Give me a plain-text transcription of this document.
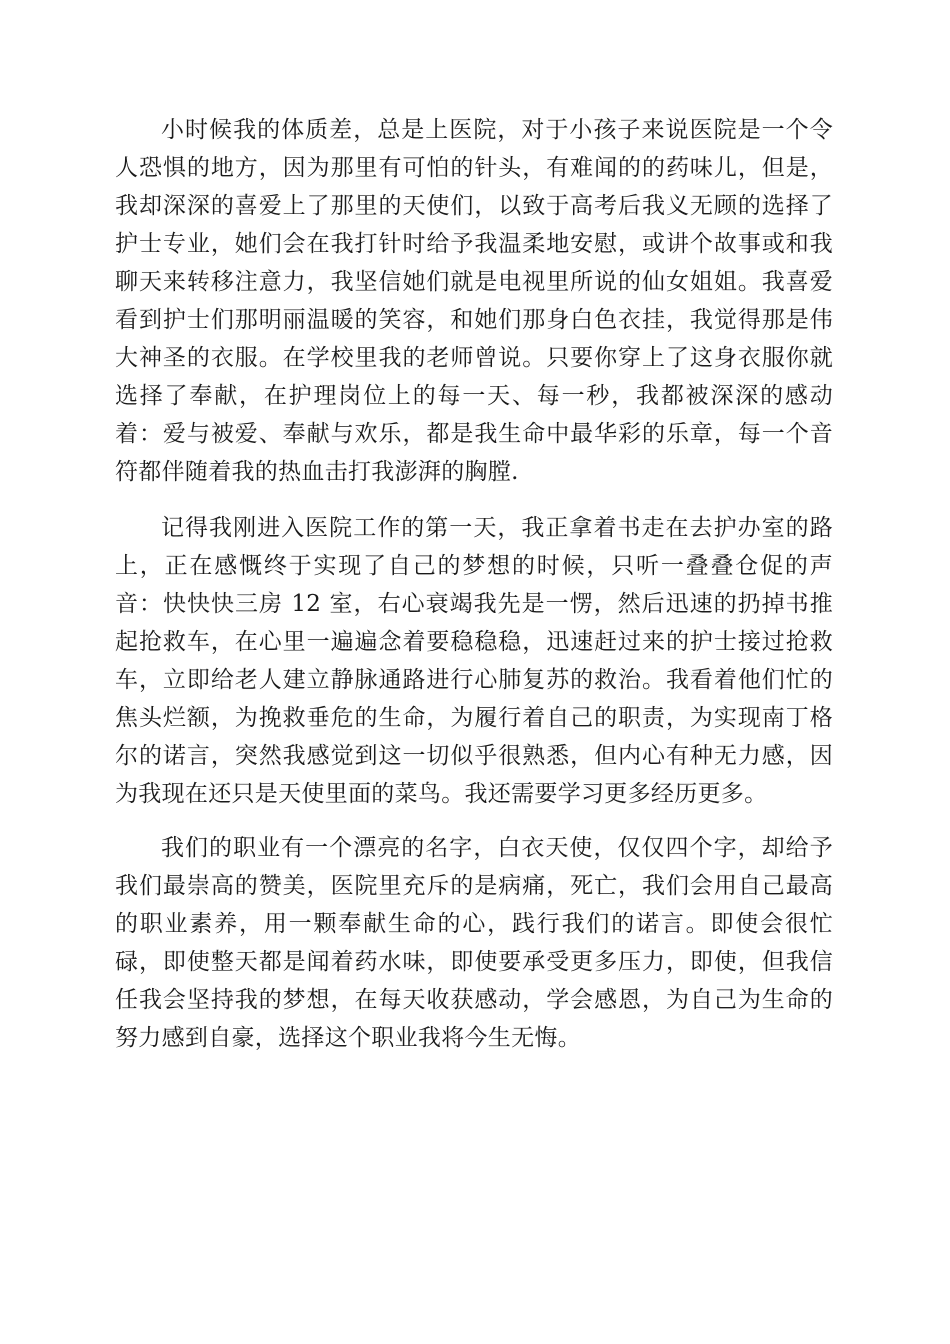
小时候我的体质差，总是上医院，对于小孩子来说医院是一个令人恐惧的地方，因为那里有可怕的针头，有难闻的的药味儿，但是，我却深深的喜爱上了那里的天使们，以致于高考后我义无顾的选择了护士专业，她们会在我打针时给予我温柔地安慰，或讲个故事或和我聊天来转移注意力，我坚信她们就是电视里所说的仙女姐姐。我喜爱看到护士们那明丽温暖的笑容，和她们那身白色衣挂，我觉得那是伟大神圣的衣服。在学校里我的老师曾说。只要你穿上了这身衣服你就选择了奉献，在护理岗位上的每一天、每一秒，我都被深深的感动着：爱与被爱、奉献与欢乐，都是我生命中最华彩的乐章，每一个音符都伴随着我的热血击打我澎湃的胸膛.

记得我刚进入医院工作的第一天，我正拿着书走在去护办室的路上，正在感慨终于实现了自己的梦想的时候，只听一叠叠仓促的声音：快快快三房 12 室，右心衰竭我先是一愣，然后迅速的扔掉书推起抢救车，在心里一遍遍念着要稳稳稳，迅速赶过来的护士接过抢救车，立即给老人建立静脉通路进行心肺复苏的救治。我看着他们忙的焦头烂额，为挽救垂危的生命，为履行着自己的职责，为实现南丁格尔的诺言，突然我感觉到这一切似乎很熟悉，但内心有种无力感，因为我现在还只是天使里面的菜鸟。我还需要学习更多经历更多。

我们的职业有一个漂亮的名字，白衣天使，仅仅四个字，却给予我们最崇高的赞美，医院里充斥的是病痛，死亡，我们会用自己最高的职业素养，用一颗奉献生命的心，践行我们的诺言。即使会很忙碌，即使整天都是闻着药水味，即使要承受更多压力，即使，但我信任我会坚持我的梦想，在每天收获感动，学会感恩，为自己为生命的努力感到自豪，选择这个职业我将今生无悔。
